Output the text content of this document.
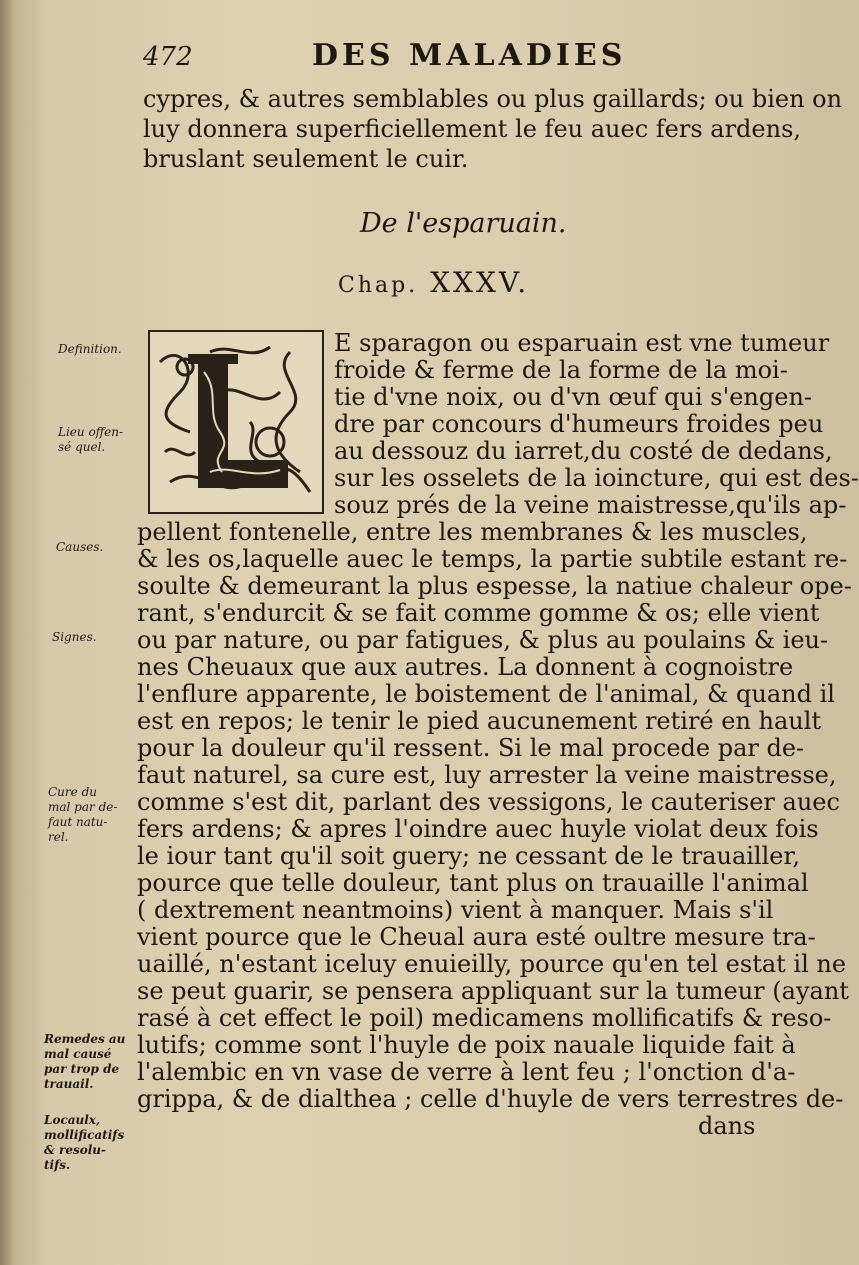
472	DES MALADIES
cypres, & autres semblables ou plus gaillards; ou bien on
luy donnera superficiellement le feu auec fers ardens,
bruslant seulement le cuir.
De l'esparuain.
Chap. XXXV.
E sparagon ou esparuain est vne tumeur
froide & ferme de la forme de la moi-
tie d'vne noix, ou d'vn œuf qui s'engen-
dre par concours d'humeurs froides peu
au dessouz du iarret,du costé de dedans,
sur les osselets de la ioincture, qui est des-
souz prés de la veine maistresse,qu'ils ap-
pellent fontenelle, entre les membranes & les muscles,
& les os,laquelle auec le temps, la partie subtile estant re-
soulte & demeurant la plus espesse, la natiue chaleur ope-
rant, s'endurcit & se fait comme gomme & os; elle vient
ou par nature, ou par fatigues, & plus au poulains & ieu-
nes Cheuaux que aux autres. La donnent à cognoistre
l'enflure apparente, le boistement de l'animal, & quand il
est en repos; le tenir le pied aucunement retiré en hault
pour la douleur qu'il ressent. Si le mal procede par de-
faut naturel, sa cure est, luy arrester la veine maistresse,
comme s'est dit, parlant des vessigons, le cauteriser auec
fers ardens; & apres l'oindre auec huyle violat deux fois
le iour tant qu'il soit guery; ne cessant de le trauailler,
pource que telle douleur, tant plus on trauaille l'animal
( dextrement neantmoins) vient à manquer. Mais s'il
vient pource que le Cheual aura esté oultre mesure tra-
uaillé, n'estant iceluy enuieilly, pource qu'en tel estat il ne
se peut guarir, se pensera appliquant sur la tumeur (ayant
rasé à cet effect le poil) medicamens mollificatifs & reso-
lutifs; comme sont l'huyle de poix nauale liquide fait à
l'alembic en vn vase de verre à lent feu ; l'onction d'a-
grippa, & de dialthea ; celle d'huyle de vers terrestres de-
dans
Definition.
Lieu offen-
sé quel.
Causes.
Signes.
Cure du
mal par de-
faut natu-
rel.
Remedes au
mal causé
par trop de
trauail.
Locaulx,
mollificatifs
& resolu-
tifs.
